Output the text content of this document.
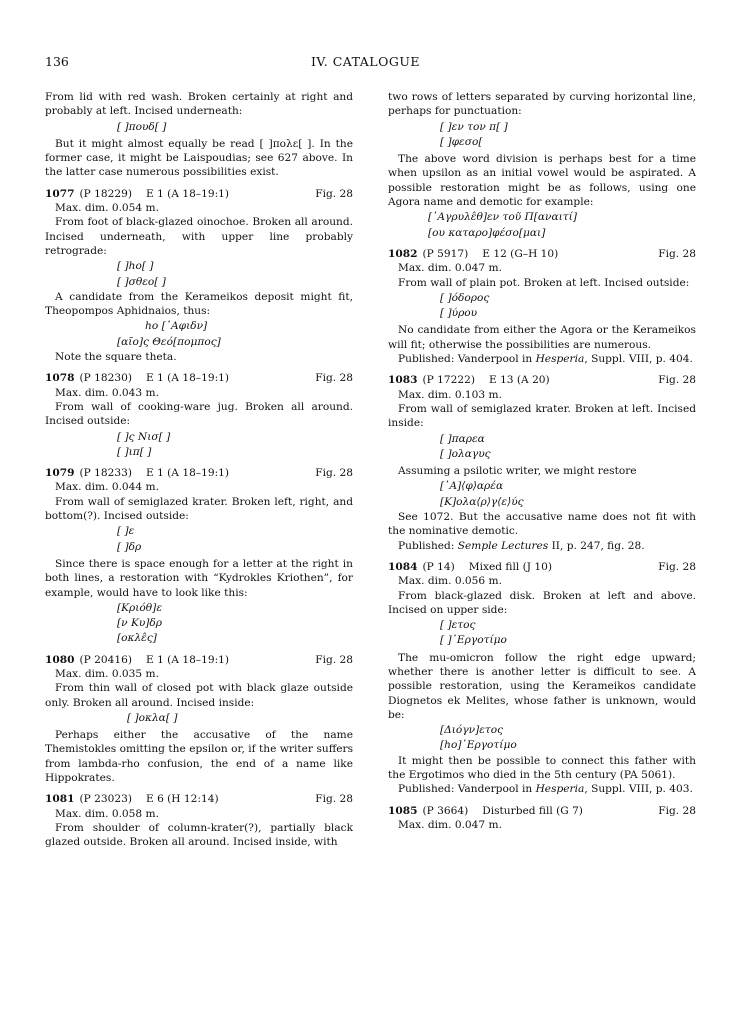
136	IV. CATALOGUE

From lid with red wash. Broken certainly at right and probably at left. Incised underneath:

[ ]πουδ[ ]

But it might almost equally be read [ ]πολε[ ]. In the former case, it might be Laispoudias; see 627 above. In the latter case numerous possibilities exist.

1077 (P 18229) E 1 (A 18–19:1)	Fig. 28
Max. dim. 0.054 m.

From foot of black-glazed oinochoe. Broken all around. Incised underneath, with upper line probably retrograde:

[ ]ho[ ]
[ ]σθεο[ ]

A candidate from the Kerameikos deposit might fit, Theopompos Aphidnaios, thus:

ho [᾽Αφιδν]
[αῖο]ς Θεό[πομπος]

Note the square theta.

1078 (P 18230) E 1 (A 18–19:1)	Fig. 28
Max. dim. 0.043 m.

From wall of cooking-ware jug. Broken all around. Incised outside:

[ ]ς Νισ[ ]
[ ]ιπ[ ]
1079 (P 18233) E 1 (A 18–19:1)	Fig. 28
Max. dim. 0.044 m.

From wall of semiglazed krater. Broken left, right, and bottom(?). Incised outside:

[ ]ε
[ ]δρ

Since there is space enough for a letter at the right in both lines, a restoration with “Kydrokles Kriothen”, for example, would have to look like this:

[Κριόθ]ε
[ν Κυ]δρ
[οκλε̂ς]
1080 (P 20416) E 1 (A 18–19:1)	Fig. 28
Max. dim. 0.035 m.

From thin wall of closed pot with black glaze outside only. Broken all around. Incised inside:

[ ]οκλα[ ]

Perhaps either the accusative of the name Themistokles omitting the epsilon or, if the writer suffers from lambda-rho confusion, the end of a name like Hippokrates.

1081 (P 23023) E 6 (H 12:14)	Fig. 28
Max. dim. 0.058 m.

From shoulder of column-krater(?), partially black glazed outside. Broken all around. Incised inside, with

two rows of letters separated by curving horizontal line, perhaps for punctuation:

[ ]εν τον π[ ]
[ ]φεσο[

The above word division is perhaps best for a time when upsilon as an initial vowel would be aspirated. A possible restoration might be as follows, using one Agora name and demotic for example:

[᾽Αγρυλε̂θ]εν τοῦ Π[αναιτί]
[ου καταρο]φέσο[μαι]
1082 (P 5917) E 12 (G–H 10)	Fig. 28
Max. dim. 0.047 m.

From wall of plain pot. Broken at left. Incised outside:

[ ]όδορος
[ ]ύρου

No candidate from either the Agora or the Kerameikos will fit; otherwise the possibilities are numerous.

Published: Vanderpool in Hesperia, Suppl. VIII, p. 404.

1083 (P 17222) E 13 (A 20)	Fig. 28
Max. dim. 0.103 m.

From wall of semiglazed krater. Broken at left. Incised inside:

[ ]παρεα
[ ]ολαγυς

Assuming a psilotic writer, we might restore

[᾽Α]⟨φ⟩αρέα
[Κ]ολα⟨ρ⟩γ⟨ε⟩ύς

See 1072. But the accusative name does not fit with the nominative demotic.

Published: Semple Lectures II, p. 247, fig. 28.

1084 (P 14) Mixed fill (J 10)	Fig. 28
Max. dim. 0.056 m.

From black-glazed disk. Broken at left and above. Incised on upper side:

[ ]ετος
[ ]᾽Εργοτίμο

The mu-omicron follow the right edge upward; whether there is another letter is difficult to see. A possible restoration, using the Kerameikos candidate Diognetos ek Melites, whose father is unknown, would be:

[Διόγν]ετος
[ho]᾽Εργοτίμο

It might then be possible to connect this father with the Ergotimos who died in the 5th century (PA 5061).

Published: Vanderpool in Hesperia, Suppl. VIII, p. 403.

1085 (P 3664) Disturbed fill (G 7)	Fig. 28
Max. dim. 0.047 m.
